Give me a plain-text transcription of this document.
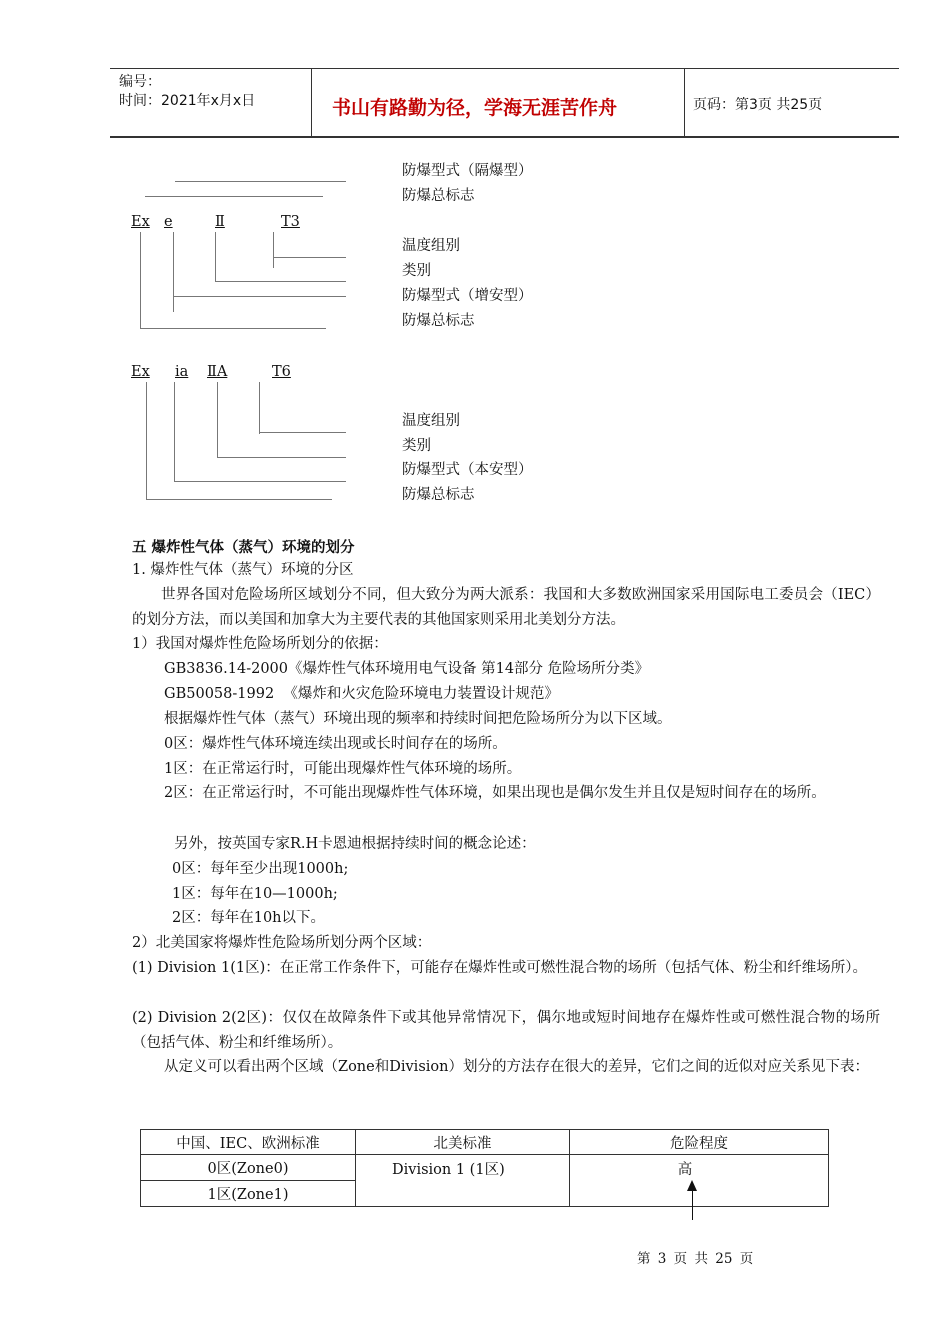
编号：
时间：2021年x月x日	书山有路勤为径，学海无涯苦作舟	页码：第3页 共25页
防爆型式（隔爆型）
防爆总标志
Ex e	Ⅱ	T3
温度组别
类别
防爆型式（增安型）
防爆总标志
Ex	ia ⅡA	T6
温度组别
类别
防爆型式（本安型）
防爆总标志
五 爆炸性气体（蒸气）环境的划分
1. 爆炸性气体（蒸气）环境的分区
世界各国对危险场所区域划分不同，但大致分为两大派系：我国和大多数欧洲国家采用国际电工委员会（IEC）的划分方法，而以美国和加拿大为主要代表的其他国家则采用北美划分方法。
1）我国对爆炸性危险场所划分的依据：
GB3836.14-2000《爆炸性气体环境用电气设备 第14部分 危险场所分类》
GB50058-1992  《爆炸和火灾危险环境电力装置设计规范》
根据爆炸性气体（蒸气）环境出现的频率和持续时间把危险场所分为以下区域。
0区：爆炸性气体环境连续出现或长时间存在的场所。
1区：在正常运行时，可能出现爆炸性气体环境的场所。
2区：在正常运行时，不可能出现爆炸性气体环境，如果出现也是偶尔发生并且仅是短时间存在的场所。
另外，按英国专家R.H卡恩迪根据持续时间的概念论述：
0区：每年至少出现1000h;
1区：每年在10—1000h;
2区：每年在10h以下。
2）北美国家将爆炸性危险场所划分两个区域：
(1) Division 1(1区)：在正常工作条件下，可能存在爆炸性或可燃性混合物的场所（包括气体、粉尘和纤维场所）。
(2) Division 2(2区)：仅仅在故障条件下或其他异常情况下，偶尔地或短时间地存在爆炸性或可燃性混合物的场所（包括气体、粉尘和纤维场所）。
从定义可以看出两个区域（Zone和Division）划分的方法存在很大的差异，它们之间的近似对应关系见下表：
中国、IEC、欧洲标准	北美标准	危险程度
0区(Zone0)	Division 1 (1区)	高
1区(Zone1)		
第 3 页 共 25 页
